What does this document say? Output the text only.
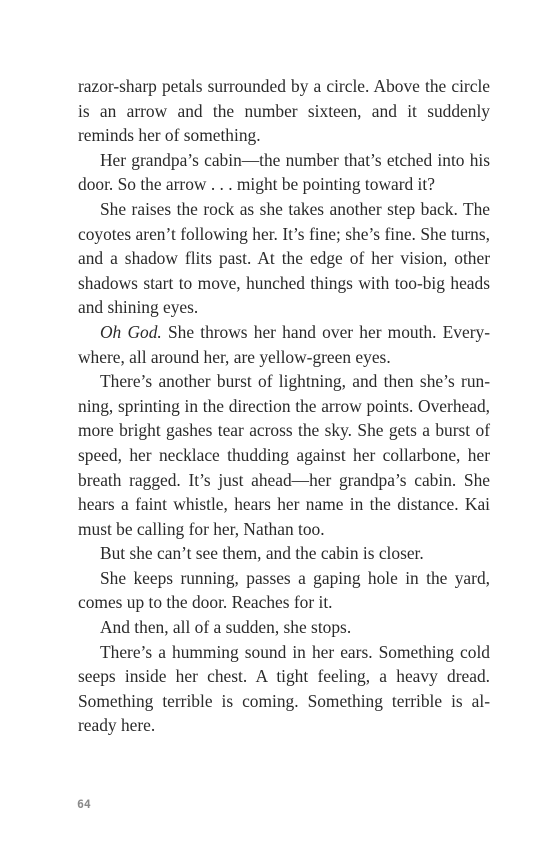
razor-sharp petals surrounded by a circle. Above the circle is an arrow and the number sixteen, and it suddenly reminds her of something.

Her grandpa’s cabin—the number that’s etched into his door. So the arrow . . . might be pointing toward it?

She raises the rock as she takes another step back. The coyotes aren’t following her. It’s fine; she’s fine. She turns, and a shadow flits past. At the edge of her vision, other shadows start to move, hunched things with too-big heads and shining eyes.

Oh God. She throws her hand over her mouth. Every-where, all around her, are yellow-green eyes.

There’s another burst of lightning, and then she’s run-ning, sprinting in the direction the arrow points. Overhead, more bright gashes tear across the sky. She gets a burst of speed, her necklace thudding against her collarbone, her breath ragged. It’s just ahead—her grandpa’s cabin. She hears a faint whistle, hears her name in the distance. Kai must be calling for her, Nathan too.

But she can’t see them, and the cabin is closer.

She keeps running, passes a gaping hole in the yard, comes up to the door. Reaches for it.

And then, all of a sudden, she stops.

There’s a humming sound in her ears. Something cold seeps inside her chest. A tight feeling, a heavy dread. Something terrible is coming. Something terrible is al-ready here.

64
